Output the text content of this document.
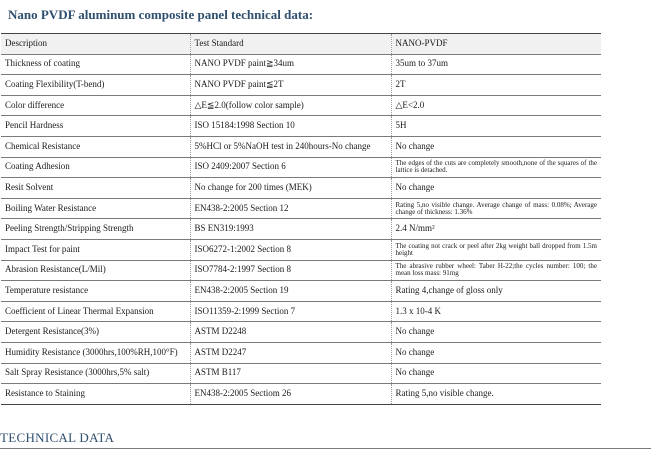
Nano PVDF aluminum composite panel technical data:
Description	Test Standard	NANO-PVDF
Thickness of coating	NANO PVDF paint≧34um	35um to 37um
Coating Flexibility(T-bend)	NANO PVDF paint≦2T	2T
Color difference	△E≦2.0(follow color sample)	△E<2.0
Pencil Hardness	ISO 15184:1998 Section 10	5H
Chemical Resistance	5%HCl or 5%NaOH test in 240hours-No change	No change
Coating Adhesion	ISO 2409:2007 Section 6	The edges of the cuts are completely smooth,none of the squares of the lattice is detached.
Resit Solvent	No change for 200 times (MEK)	No change
Boiling Water Resistance	EN438-2:2005 Section 12	Rating 5,no visible change. Average change of mass: 0.08%; Average change of thickness: 1.36%
Peeling Strength/Stripping Strength	BS EN319:1993	2.4 N/mm²
Impact Test for paint	ISO6272-1:2002 Section 8	The coating not crack or peel after 2kg weight ball dropped from 1.5m height
Abrasion Resistance(L/Mil)	ISO7784-2:1997 Section 8	The abrasive rubber wheel: Taber H-22;the cycles number: 100; the mean loss mass: 91mg
Temperature resistance	EN438-2:2005 Section 19	Rating 4,change of gloss only
Coefficient of Linear Thermal Expansion	ISO11359-2:1999 Section 7	1.3 x 10-4 K
Detergent Resistance(3%)	ASTM D2248	No change
Humidity Resistance (3000hrs,100%RH,100°F)	ASTM D2247	No change
Salt Spray Resistance (3000hrs,5% salt)	ASTM B117	No change
Resistance to Staining	EN438-2:2005 Sectiom 26	Rating 5,no visible change.
TECHNICAL DATA
